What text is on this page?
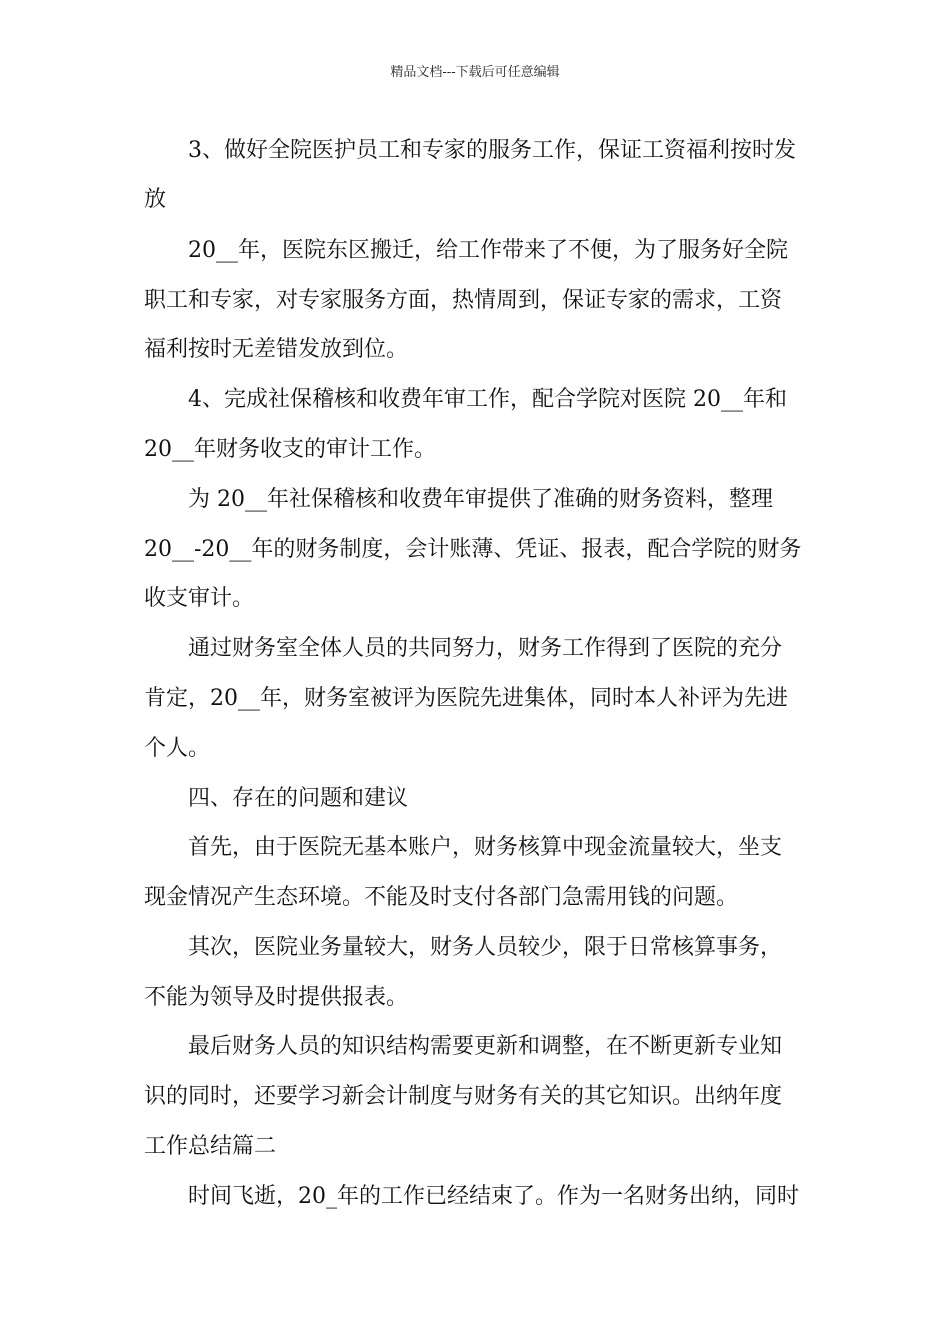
精品文档---下载后可任意编辑
　　3、做好全院医护员工和专家的服务工作，保证工资福利按时发
放
　　20__年，医院东区搬迁，给工作带来了不便，为了服务好全院
职工和专家，对专家服务方面，热情周到，保证专家的需求，工资
福利按时无差错发放到位。
　　4、完成社保稽核和收费年审工作，配合学院对医院 20__年和
20__年财务收支的审计工作。
　　为 20__年社保稽核和收费年审提供了准确的财务资料，整理
20__-20__年的财务制度，会计账薄、凭证、报表，配合学院的财务
收支审计。
　　通过财务室全体人员的共同努力，财务工作得到了医院的充分
肯定，20__年，财务室被评为医院先进集体，同时本人补评为先进
个人。
　　四、存在的问题和建议
　　首先，由于医院无基本账户，财务核算中现金流量较大，坐支
现金情况产生态环境。不能及时支付各部门急需用钱的问题。
　　其次，医院业务量较大，财务人员较少，限于日常核算事务，
不能为领导及时提供报表。
　　最后财务人员的知识结构需要更新和调整，在不断更新专业知
识的同时，还要学习新会计制度与财务有关的其它知识。出纳年度
工作总结篇二
　　时间飞逝，20_年的工作已经结束了。作为一名财务出纳，同时
